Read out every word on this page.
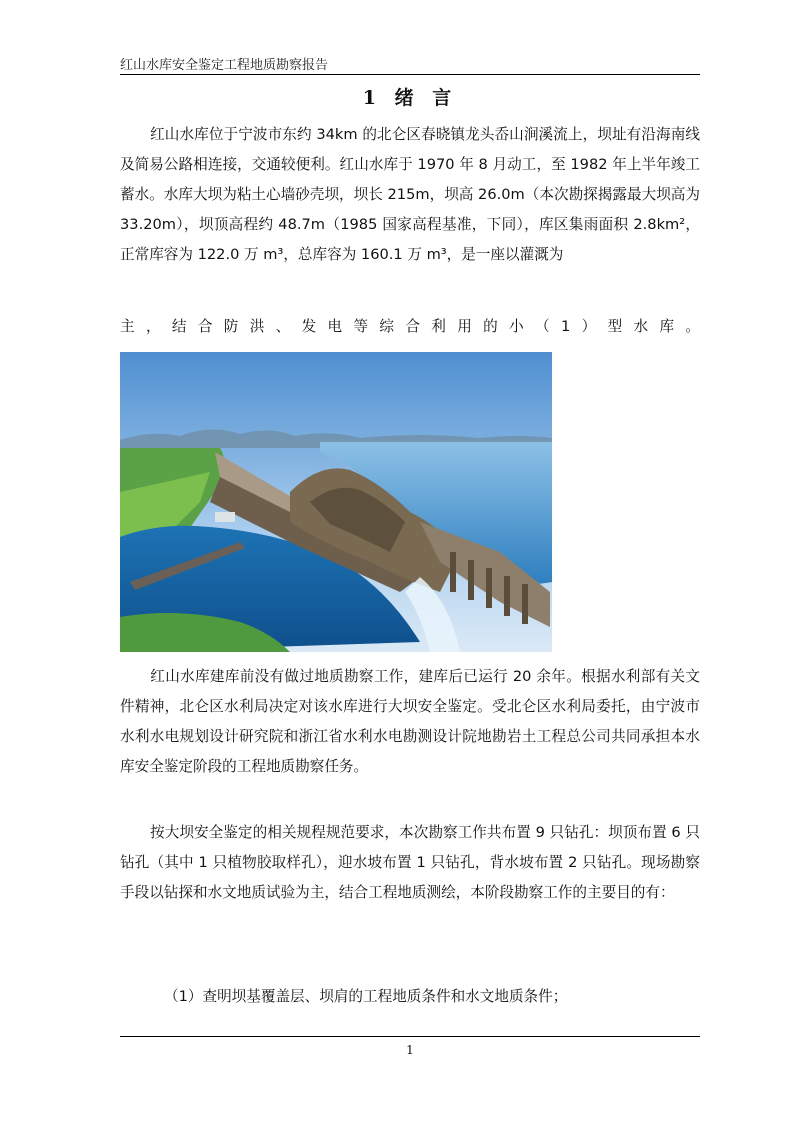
红山水库安全鉴定工程地质勘察报告
1 绪 言

红山水库位于宁波市东约 34km 的北仑区春晓镇龙头岙山涧溪流上，坝址有沿海南线及简易公路相连接，交通较便利。红山水库于 1970 年 8 月动工，至 1982 年上半年竣工蓄水。水库大坝为粘土心墙砂壳坝，坝长 215m，坝高 26.0m（本次勘探揭露最大坝高为 33.20m），坝顶高程约 48.7m（1985 国家高程基准，下同），库区集雨面积 2.8km²，正常库容为 122.0 万 m³，总库容为 160.1 万 m³，是一座以灌溉为

主，结合防洪、发电等综合利用的小（1）型水库。

红山水库建库前没有做过地质勘察工作，建库后已运行 20 余年。根据水利部有关文件精神，北仑区水利局决定对该水库进行大坝安全鉴定。受北仑区水利局委托，由宁波市水利水电规划设计研究院和浙江省水利水电勘测设计院地勘岩土工程总公司共同承担本水库安全鉴定阶段的工程地质勘察任务。

按大坝安全鉴定的相关规程规范要求，本次勘察工作共布置 9 只钻孔：坝顶布置 6 只钻孔（其中 1 只植物胶取样孔），迎水坡布置 1 只钻孔，背水坡布置 2 只钻孔。现场勘察手段以钻探和水文地质试验为主，结合工程地质测绘，本阶段勘察工作的主要目的有：

（1）查明坝基覆盖层、坝肩的工程地质条件和水文地质条件；

1
